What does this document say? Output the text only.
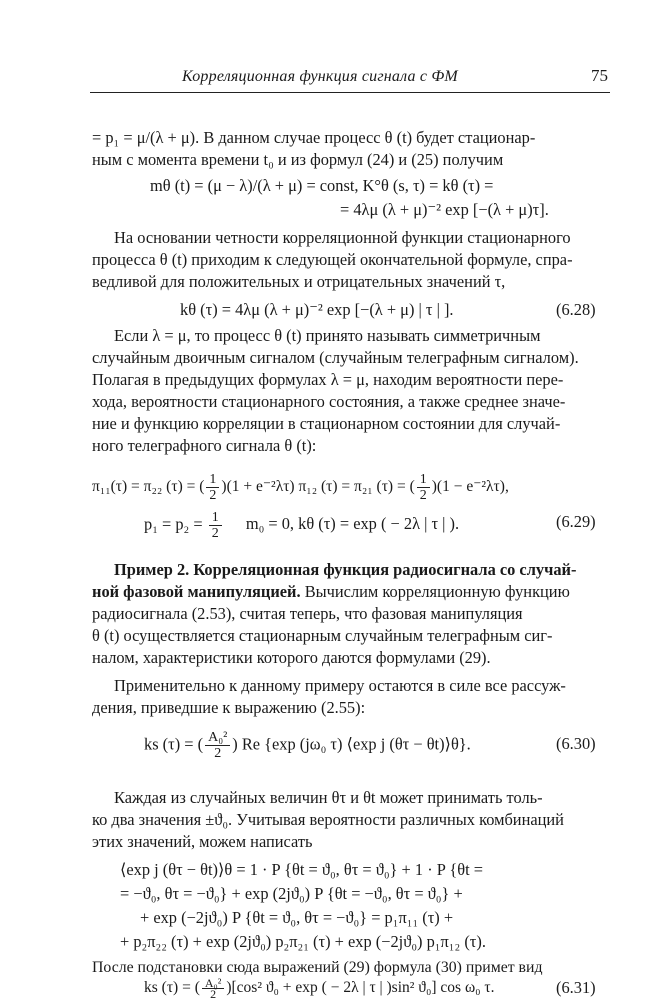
Корреляционная функция сигнала с ФМ	75
= p₁ = μ/(λ + μ). В данном случае процесс θ (t) будет стационар-
ным с момента времени t₀ и из формул (24) и (25) получим
mθ (t) = (μ − λ)/(λ + μ) = const, K°θ (s, τ) = kθ (τ) =
= 4λμ (λ + μ)⁻² exp [−(λ + μ)τ].
На основании четности корреляционной функции стационарного
процесса θ (t) приходим к следующей окончательной формуле, спра-
ведливой для положительных и отрицательных значений τ,
kθ (τ) = 4λμ (λ + μ)⁻² exp [−(λ + μ) | τ | ].	(6.28)
Если λ = μ, то процесс θ (t) принято называть симметричным
случайным двоичным сигналом (случайным телеграфным сигналом).
Полагая в предыдущих формулах λ = μ, находим вероятности пере-
хода, вероятности стационарного состояния, а также среднее значе-
ние и функцию корреляции в стационарном состоянии для случай-
ного телеграфного сигнала θ (t):
π₁₁(τ) = π₂₂ (τ) = ( $\frac{1}{2} )(1 + e^{-2}\lambda\tau)$ π₁₂ (τ) = π₂₁ (τ) = ( $\frac{1}{2} )(1 - e^{-2}\lambda\tau)$,
$p_1 = p_2 = \frac{1}{2} m_0 = 0$, kθ (τ) = exp ( − 2λ | τ | ).	(6.29)
Пример 2. Корреляционная функция радиосигнала со случай-
ной фазовой манипуляцией. Вычислим корреляционную функцию
радиосигнала (2.53), считая теперь, что фазовая манипуляция
θ (t) осуществляется стационарным случайным телеграфным сиг-
налом, характеристики которого даются формулами (29).
Применительно к данному примеру остаются в силе все рассуж-
дения, приведшие к выражению (2.55):
ks (τ) = ( $\frac{\text{A₀²}}{2}$ ) Re {exp (jω₀ τ) ⟨exp j (θτ − θt)⟩θ}.	(6.30)
Каждая из случайных величин θτ и θt может принимать толь-
ко два значения ±ϑ₀. Учитывая вероятности различных комбинаций
этих значений, можем написать
⟨exp j (θτ − θt)⟩θ = 1 · P {θt = ϑ₀, θτ = ϑ₀} + 1 · P {θt =
= −ϑ₀, θτ = −ϑ₀} + exp (2jϑ₀) P {θt = −ϑ₀, θτ = ϑ₀} +
+ exp (−2jϑ₀) P {θt = ϑ₀, θτ = −ϑ₀} = p₁π₁₁ (τ) +
+ p₂π₂₂ (τ) + exp (2jϑ₀) p₂π₂₁ (τ) + exp (−2jϑ₀) p₁π₁₂ (τ).
После подстановки сюда выражений (29) формула (30) примет вид
ks (τ) = ( $\frac{\text{A₀²}}{2} )[\cos^2$ ϑ₀ + exp ( − 2λ | τ | )sin² ϑ₀] cos ω₀ τ.	(6.31)
